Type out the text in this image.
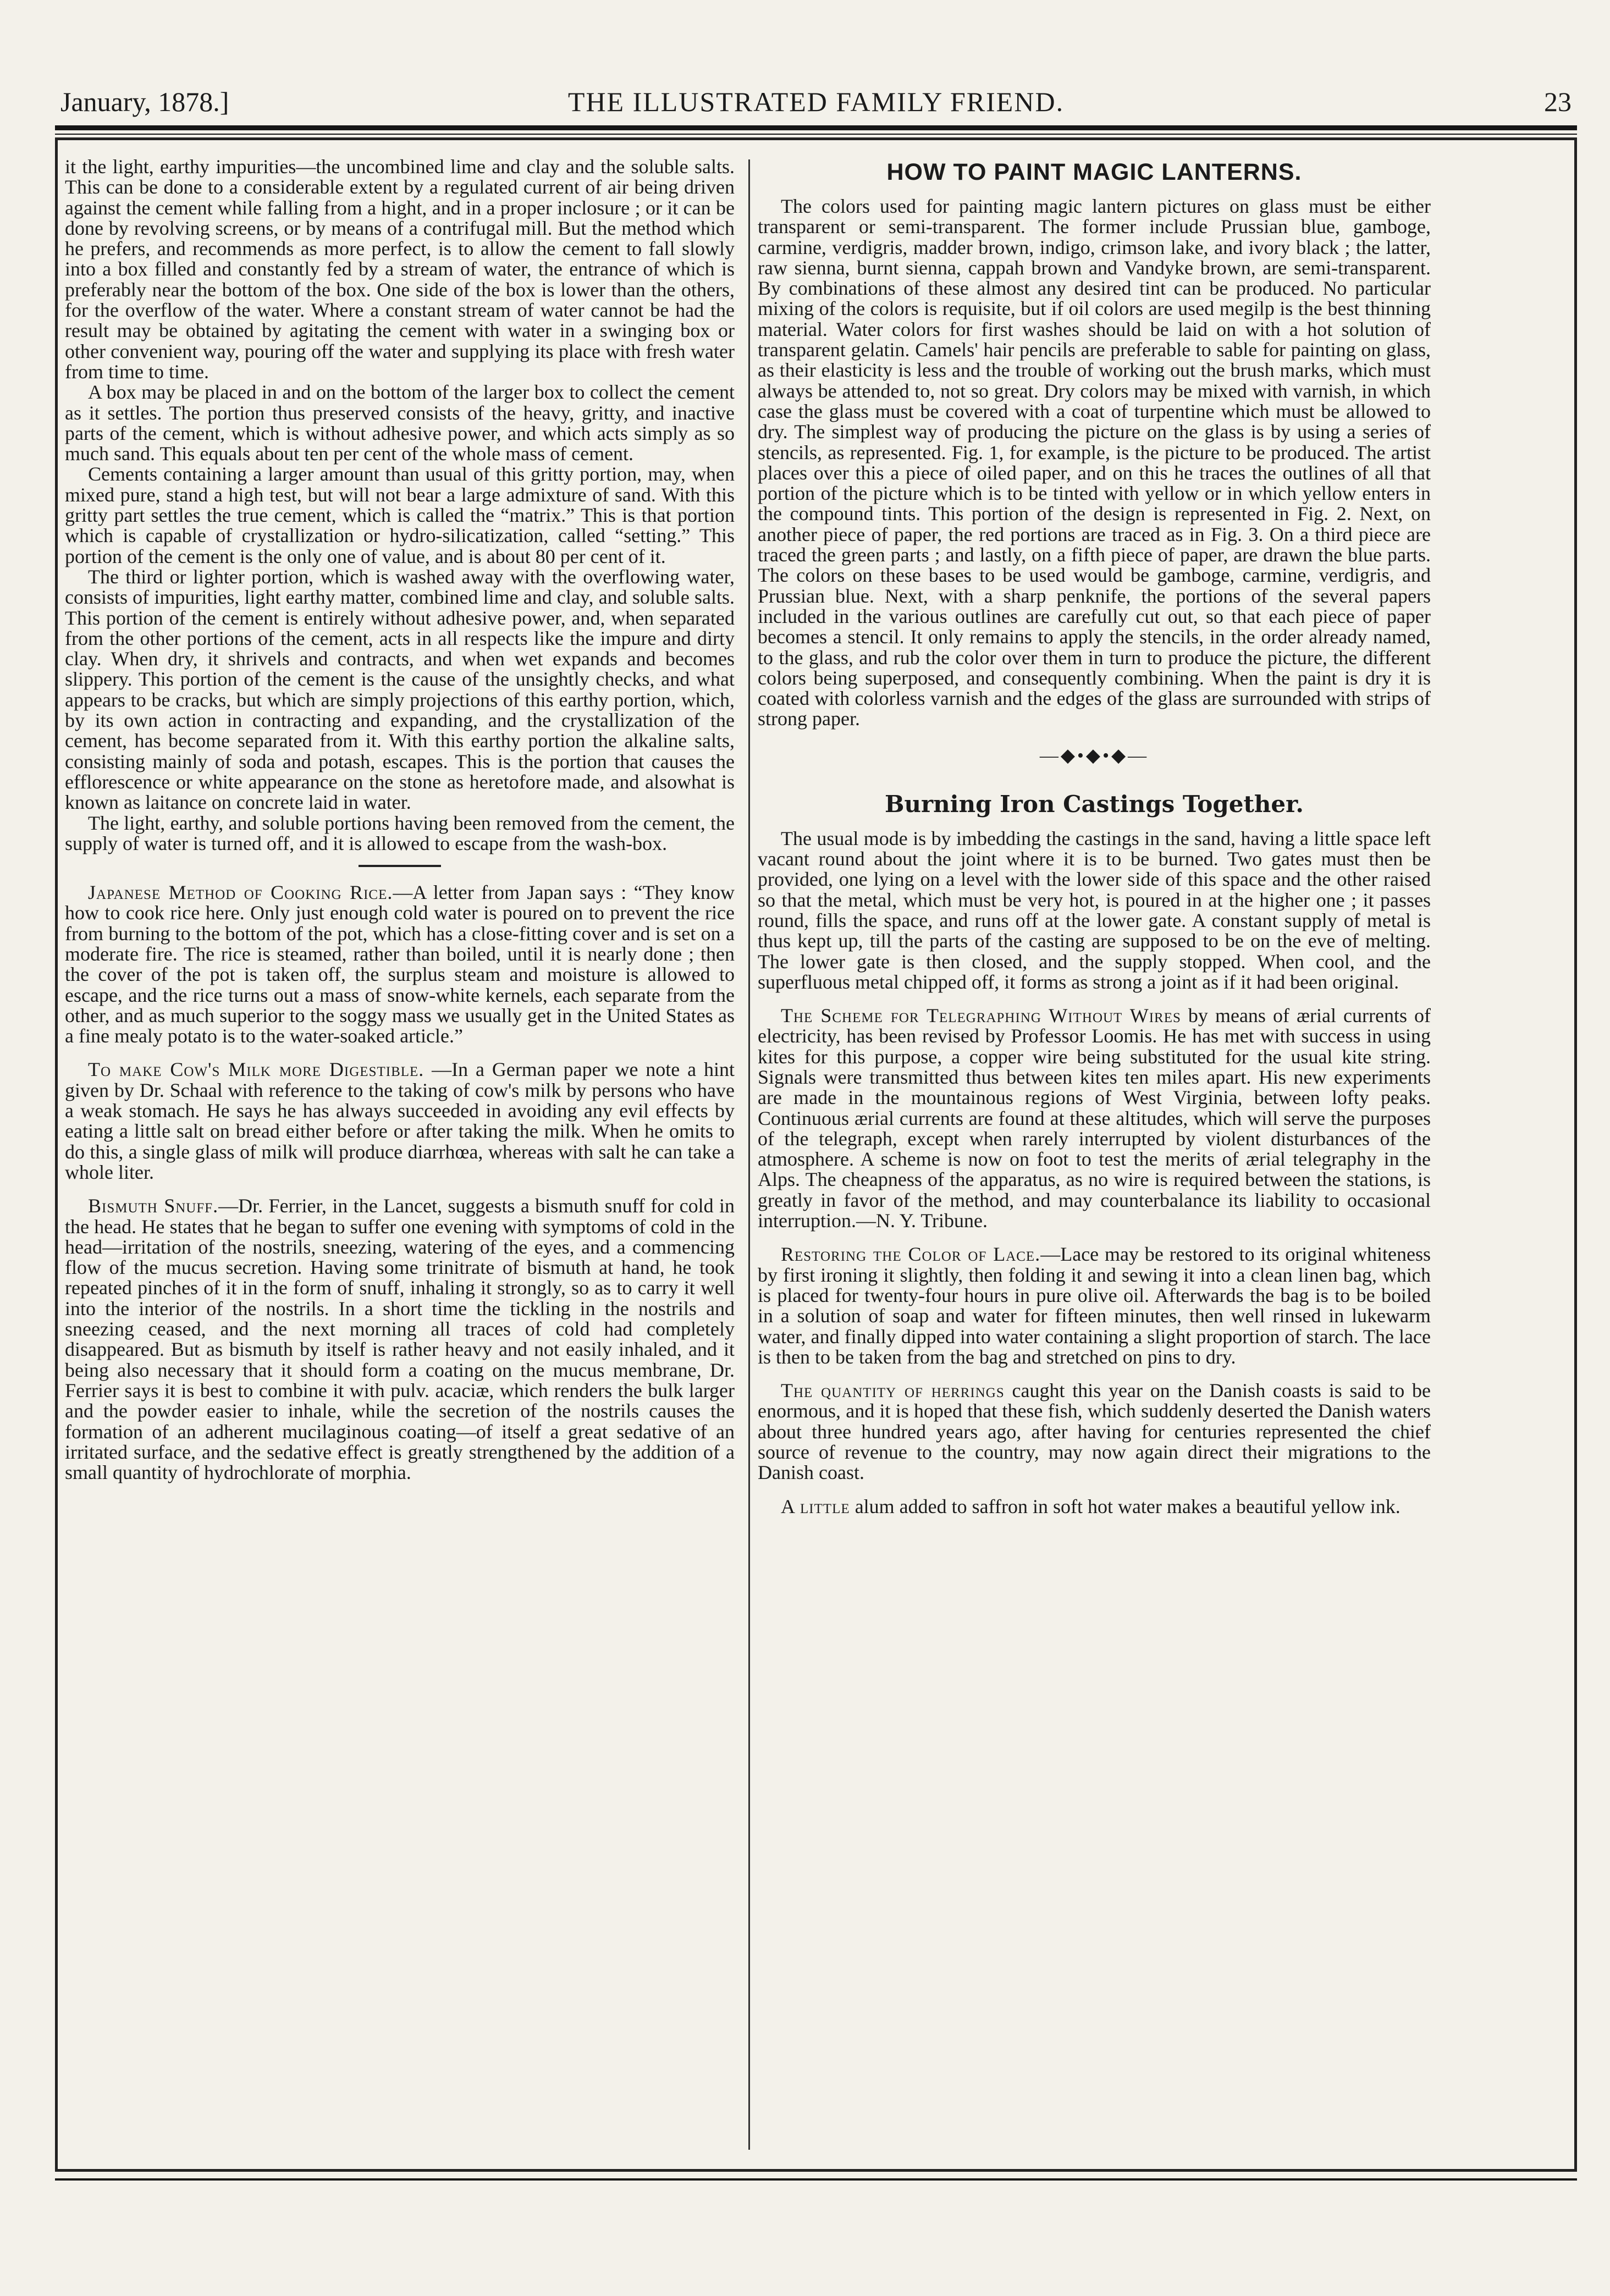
January, 1878.]	THE ILLUSTRATED FAMILY FRIEND.	23

it the light, earthy impurities—the uncombined lime and clay and the soluble salts. This can be done to a considerable extent by a regulated current of air being driven against the cement while falling from a hight, and in a proper inclosure ; or it can be done by revolving screens, or by means of a contrifugal mill. But the method which he prefers, and recommends as more perfect, is to allow the cement to fall slowly into a box filled and constantly fed by a stream of water, the entrance of which is preferably near the bottom of the box. One side of the box is lower than the others, for the overflow of the water. Where a constant stream of water cannot be had the result may be obtained by agitating the cement with water in a swinging box or other convenient way, pouring off the water and supplying its place with fresh water from time to time.

A box may be placed in and on the bottom of the larger box to collect the cement as it settles. The portion thus preserved consists of the heavy, gritty, and inactive parts of the cement, which is without adhesive power, and which acts simply as so much sand. This equals about ten per cent of the whole mass of cement.

Cements containing a larger amount than usual of this gritty portion, may, when mixed pure, stand a high test, but will not bear a large admixture of sand. With this gritty part settles the true cement, which is called the “matrix.” This is that portion which is capable of crystallization or hydro-silicatization, called “setting.” This portion of the cement is the only one of value, and is about 80 per cent of it.

The third or lighter portion, which is washed away with the overflowing water, consists of impurities, light earthy matter, combined lime and clay, and soluble salts. This portion of the cement is entirely without adhesive power, and, when separated from the other portions of the cement, acts in all respects like the impure and dirty clay. When dry, it shrivels and contracts, and when wet expands and becomes slippery. This portion of the cement is the cause of the unsightly checks, and what appears to be cracks, but which are simply projections of this earthy portion, which, by its own action in contracting and expanding, and the crystallization of the cement, has become separated from it. With this earthy portion the alkaline salts, consisting mainly of soda and potash, escapes. This is the portion that causes the efflorescence or white appearance on the stone as heretofore made, and alsowhat is known as laitance on concrete laid in water.

The light, earthy, and soluble portions having been removed from the cement, the supply of water is turned off, and it is allowed to escape from the wash-box.

Japanese Method of Cooking Rice.—A letter from Japan says : “They know how to cook rice here. Only just enough cold water is poured on to prevent the rice from burning to the bottom of the pot, which has a close-fitting cover and is set on a moderate fire. The rice is steamed, rather than boiled, until it is nearly done ; then the cover of the pot is taken off, the surplus steam and moisture is allowed to escape, and the rice turns out a mass of snow-white kernels, each separate from the other, and as much superior to the soggy mass we usually get in the United States as a fine mealy potato is to the water-soaked article.”

To make Cow's Milk more Digestible. —In a German paper we note a hint given by Dr. Schaal with reference to the taking of cow's milk by persons who have a weak stomach. He says he has always succeeded in avoiding any evil effects by eating a little salt on bread either before or after taking the milk. When he omits to do this, a single glass of milk will produce diarrhœa, whereas with salt he can take a whole liter.

Bismuth Snuff.—Dr. Ferrier, in the Lancet, suggests a bismuth snuff for cold in the head. He states that he began to suffer one evening with symptoms of cold in the head—irritation of the nostrils, sneezing, watering of the eyes, and a commencing flow of the mucus secretion. Having some trinitrate of bismuth at hand, he took repeated pinches of it in the form of snuff, inhaling it strongly, so as to carry it well into the interior of the nostrils. In a short time the tickling in the nostrils and sneezing ceased, and the next morning all traces of cold had completely disappeared. But as bismuth by itself is rather heavy and not easily inhaled, and it being also necessary that it should form a coating on the mucus membrane, Dr. Ferrier says it is best to combine it with pulv. acaciæ, which renders the bulk larger and the powder easier to inhale, while the secretion of the nostrils causes the formation of an adherent mucilaginous coating—of itself a great sedative of an irritated surface, and the sedative effect is greatly strengthened by the addition of a small quantity of hydrochlorate of morphia.

HOW TO PAINT MAGIC LANTERNS.

The colors used for painting magic lantern pictures on glass must be either transparent or semi-transparent. The former include Prussian blue, gamboge, carmine, verdigris, madder brown, indigo, crimson lake, and ivory black ; the latter, raw sienna, burnt sienna, cappah brown and Vandyke brown, are semi-transparent. By combinations of these almost any desired tint can be produced. No particular mixing of the colors is requisite, but if oil colors are used megilp is the best thinning material. Water colors for first washes should be laid on with a hot solution of transparent gelatin. Camels' hair pencils are preferable to sable for painting on glass, as their elasticity is less and the trouble of working out the brush marks, which must always be attended to, not so great. Dry colors may be mixed with varnish, in which case the glass must be covered with a coat of turpentine which must be allowed to dry. The simplest way of producing the picture on the glass is by using a series of stencils, as represented. Fig. 1, for example, is the picture to be produced. The artist places over this a piece of oiled paper, and on this he traces the outlines of all that portion of the picture which is to be tinted with yellow or in which yellow enters in the compound tints. This portion of the design is represented in Fig. 2. Next, on another piece of paper, the red portions are traced as in Fig. 3. On a third piece are traced the green parts ; and lastly, on a fifth piece of paper, are drawn the blue parts. The colors on these bases to be used would be gamboge, carmine, verdigris, and Prussian blue. Next, with a sharp penknife, the portions of the several papers included in the various outlines are carefully cut out, so that each piece of paper becomes a stencil. It only remains to apply the stencils, in the order already named, to the glass, and rub the color over them in turn to produce the picture, the different colors being superposed, and consequently combining. When the paint is dry it is coated with colorless varnish and the edges of the glass are surrounded with strips of strong paper.

—◆•◆•◆—
Burning Iron Castings Together.

The usual mode is by imbedding the castings in the sand, having a little space left vacant round about the joint where it is to be burned. Two gates must then be provided, one lying on a level with the lower side of this space and the other raised so that the metal, which must be very hot, is poured in at the higher one ; it passes round, fills the space, and runs off at the lower gate. A constant supply of metal is thus kept up, till the parts of the casting are supposed to be on the eve of melting. The lower gate is then closed, and the supply stopped. When cool, and the superfluous metal chipped off, it forms as strong a joint as if it had been original.

The Scheme for Telegraphing Without Wires by means of ærial currents of electricity, has been revised by Professor Loomis. He has met with success in using kites for this purpose, a copper wire being substituted for the usual kite string. Signals were transmitted thus between kites ten miles apart. His new experiments are made in the mountainous regions of West Virginia, between lofty peaks. Continuous ærial currents are found at these altitudes, which will serve the purposes of the telegraph, except when rarely interrupted by violent disturbances of the atmosphere. A scheme is now on foot to test the merits of ærial telegraphy in the Alps. The cheapness of the apparatus, as no wire is required between the stations, is greatly in favor of the method, and may counterbalance its liability to occasional interruption.—N. Y. Tribune.

Restoring the Color of Lace.—Lace may be restored to its original whiteness by first ironing it slightly, then folding it and sewing it into a clean linen bag, which is placed for twenty-four hours in pure olive oil. Afterwards the bag is to be boiled in a solution of soap and water for fifteen minutes, then well rinsed in lukewarm water, and finally dipped into water containing a slight proportion of starch. The lace is then to be taken from the bag and stretched on pins to dry.

The quantity of herrings caught this year on the Danish coasts is said to be enormous, and it is hoped that these fish, which suddenly deserted the Danish waters about three hundred years ago, after having for centuries represented the chief source of revenue to the country, may now again direct their migrations to the Danish coast.

A little alum added to saffron in soft hot water makes a beautiful yellow ink.
